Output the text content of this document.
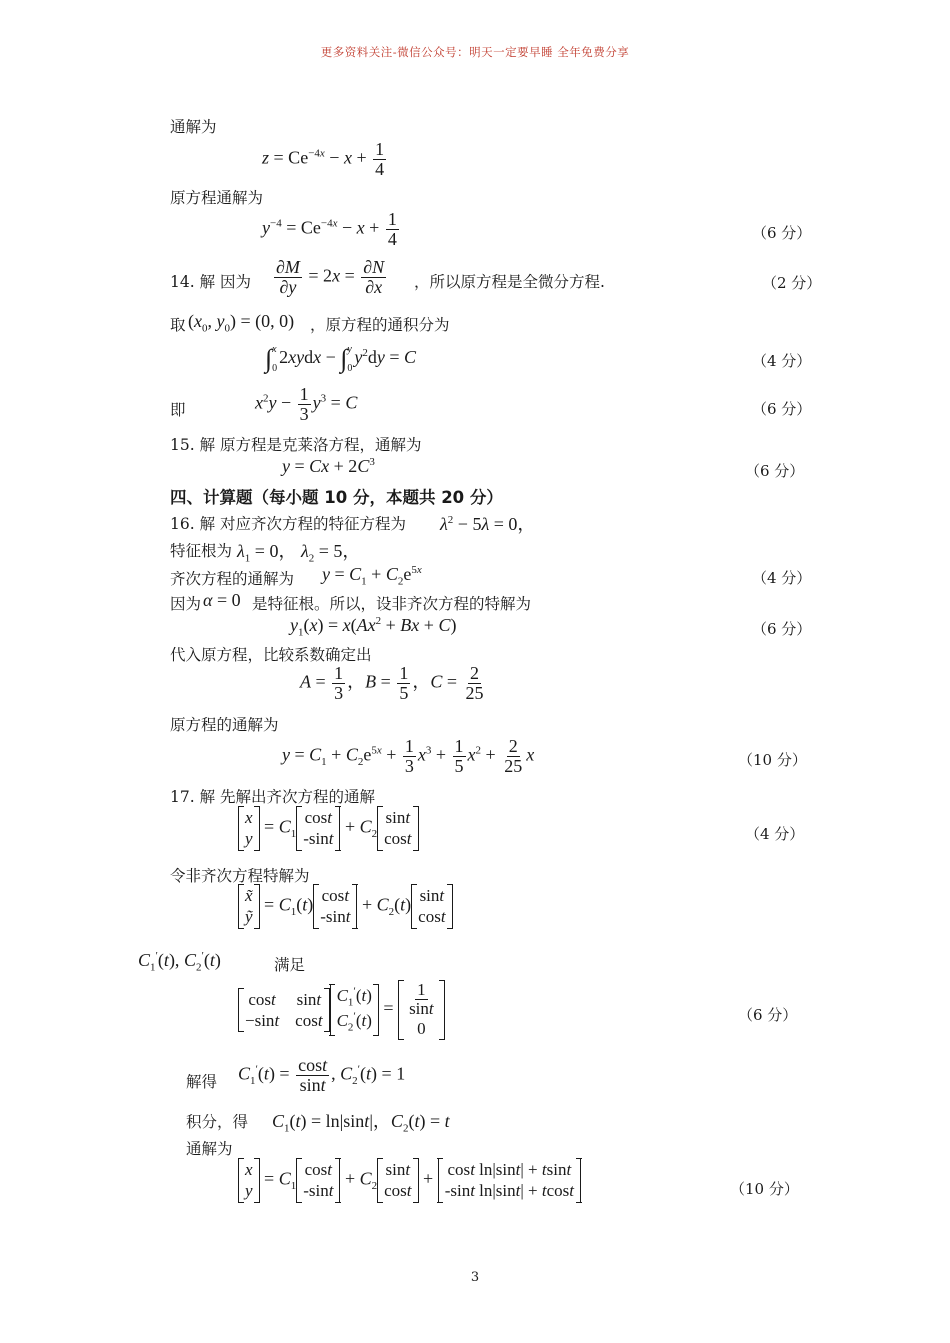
更多资料关注-微信公众号：明天一定要早睡 全年免费分享
通解为
$z = Ce^{-4x} - x + \frac{1}{4}$
原方程通解为
$y^{-4} = Ce^{-4x} - x + \frac{1}{4}$	（6 分）
14. 解 因为 $\frac{\partial M}{\partial y} = 2x = \frac{\partial N}{\partial x}$ ，所以原方程是全微分方程.	（2 分）
取 ($x_0$, $y_0) = (0$, 0) ，原方程的通积分为
∫ x
0
2xydx − ∫ y
0
$y^2dy = C$	（4 分）
即	$x^2y - \frac{1}{3} y^3 = C$	（6 分）
15. 解 原方程是克莱洛方程，通解为
$y = Cx + 2C^3$	（6 分）
四、计算题（每小题 10 分，本题共 20 分）
16. 解 对应齐次方程的特征方程为 $\lambda^2 - 5\lambda = 0$，
特征根为 $\lambda_1 = 0$， $\lambda_2 = 5$，
齐次方程的通解为 $y = C_1 + C_2e^{5x}$	（4 分）
因为 α = 0 是特征根。所以，设非齐次方程的特解为
$y_1(x) = x(Ax^2 + Bx + C)$	（6 分）
代入原方程，比较系数确定出
$A = \frac{1}{3}$ ，$B = \frac{1}{5}$ ，$C = \frac{2}{25}$
原方程的通解为
$y = C_1 + C_2e^{5x} + \frac{1}{3} x^3 + \frac{1}{5} x^2 + \frac{2}{25}$ x	（10 分）
17. 解 先解出齐次方程的通解
x
y
= $C_1$
cost
-sint
+ $C_2$
sint
cost	（4 分）
令非齐次方程特解为
x̃
ỹ
= $C_1(t)$ cost
-sint
+ $C_2(t)$ sint
cost
$C_1'(t)$, $C_2'(t)$	满足
cost sint
−sint cost
$C_1'(t)$
$C_2'(t)$
= $\frac{1}{\sin t}$
0
（6 分）
解得 $C_1'(t) = \frac{\cos t}{\sin t}$ , $C_2'(t) = 1$
积分，得 $C_1(t) = \ln|\sin t|$，$C_2(t) = t$
通解为
x
y
= $C_1$
cost
-sint
+ $C_2$
sint
cost
+ cost ln|sint| + tsint
-sint ln|sint| + tcost	（10 分）
3
